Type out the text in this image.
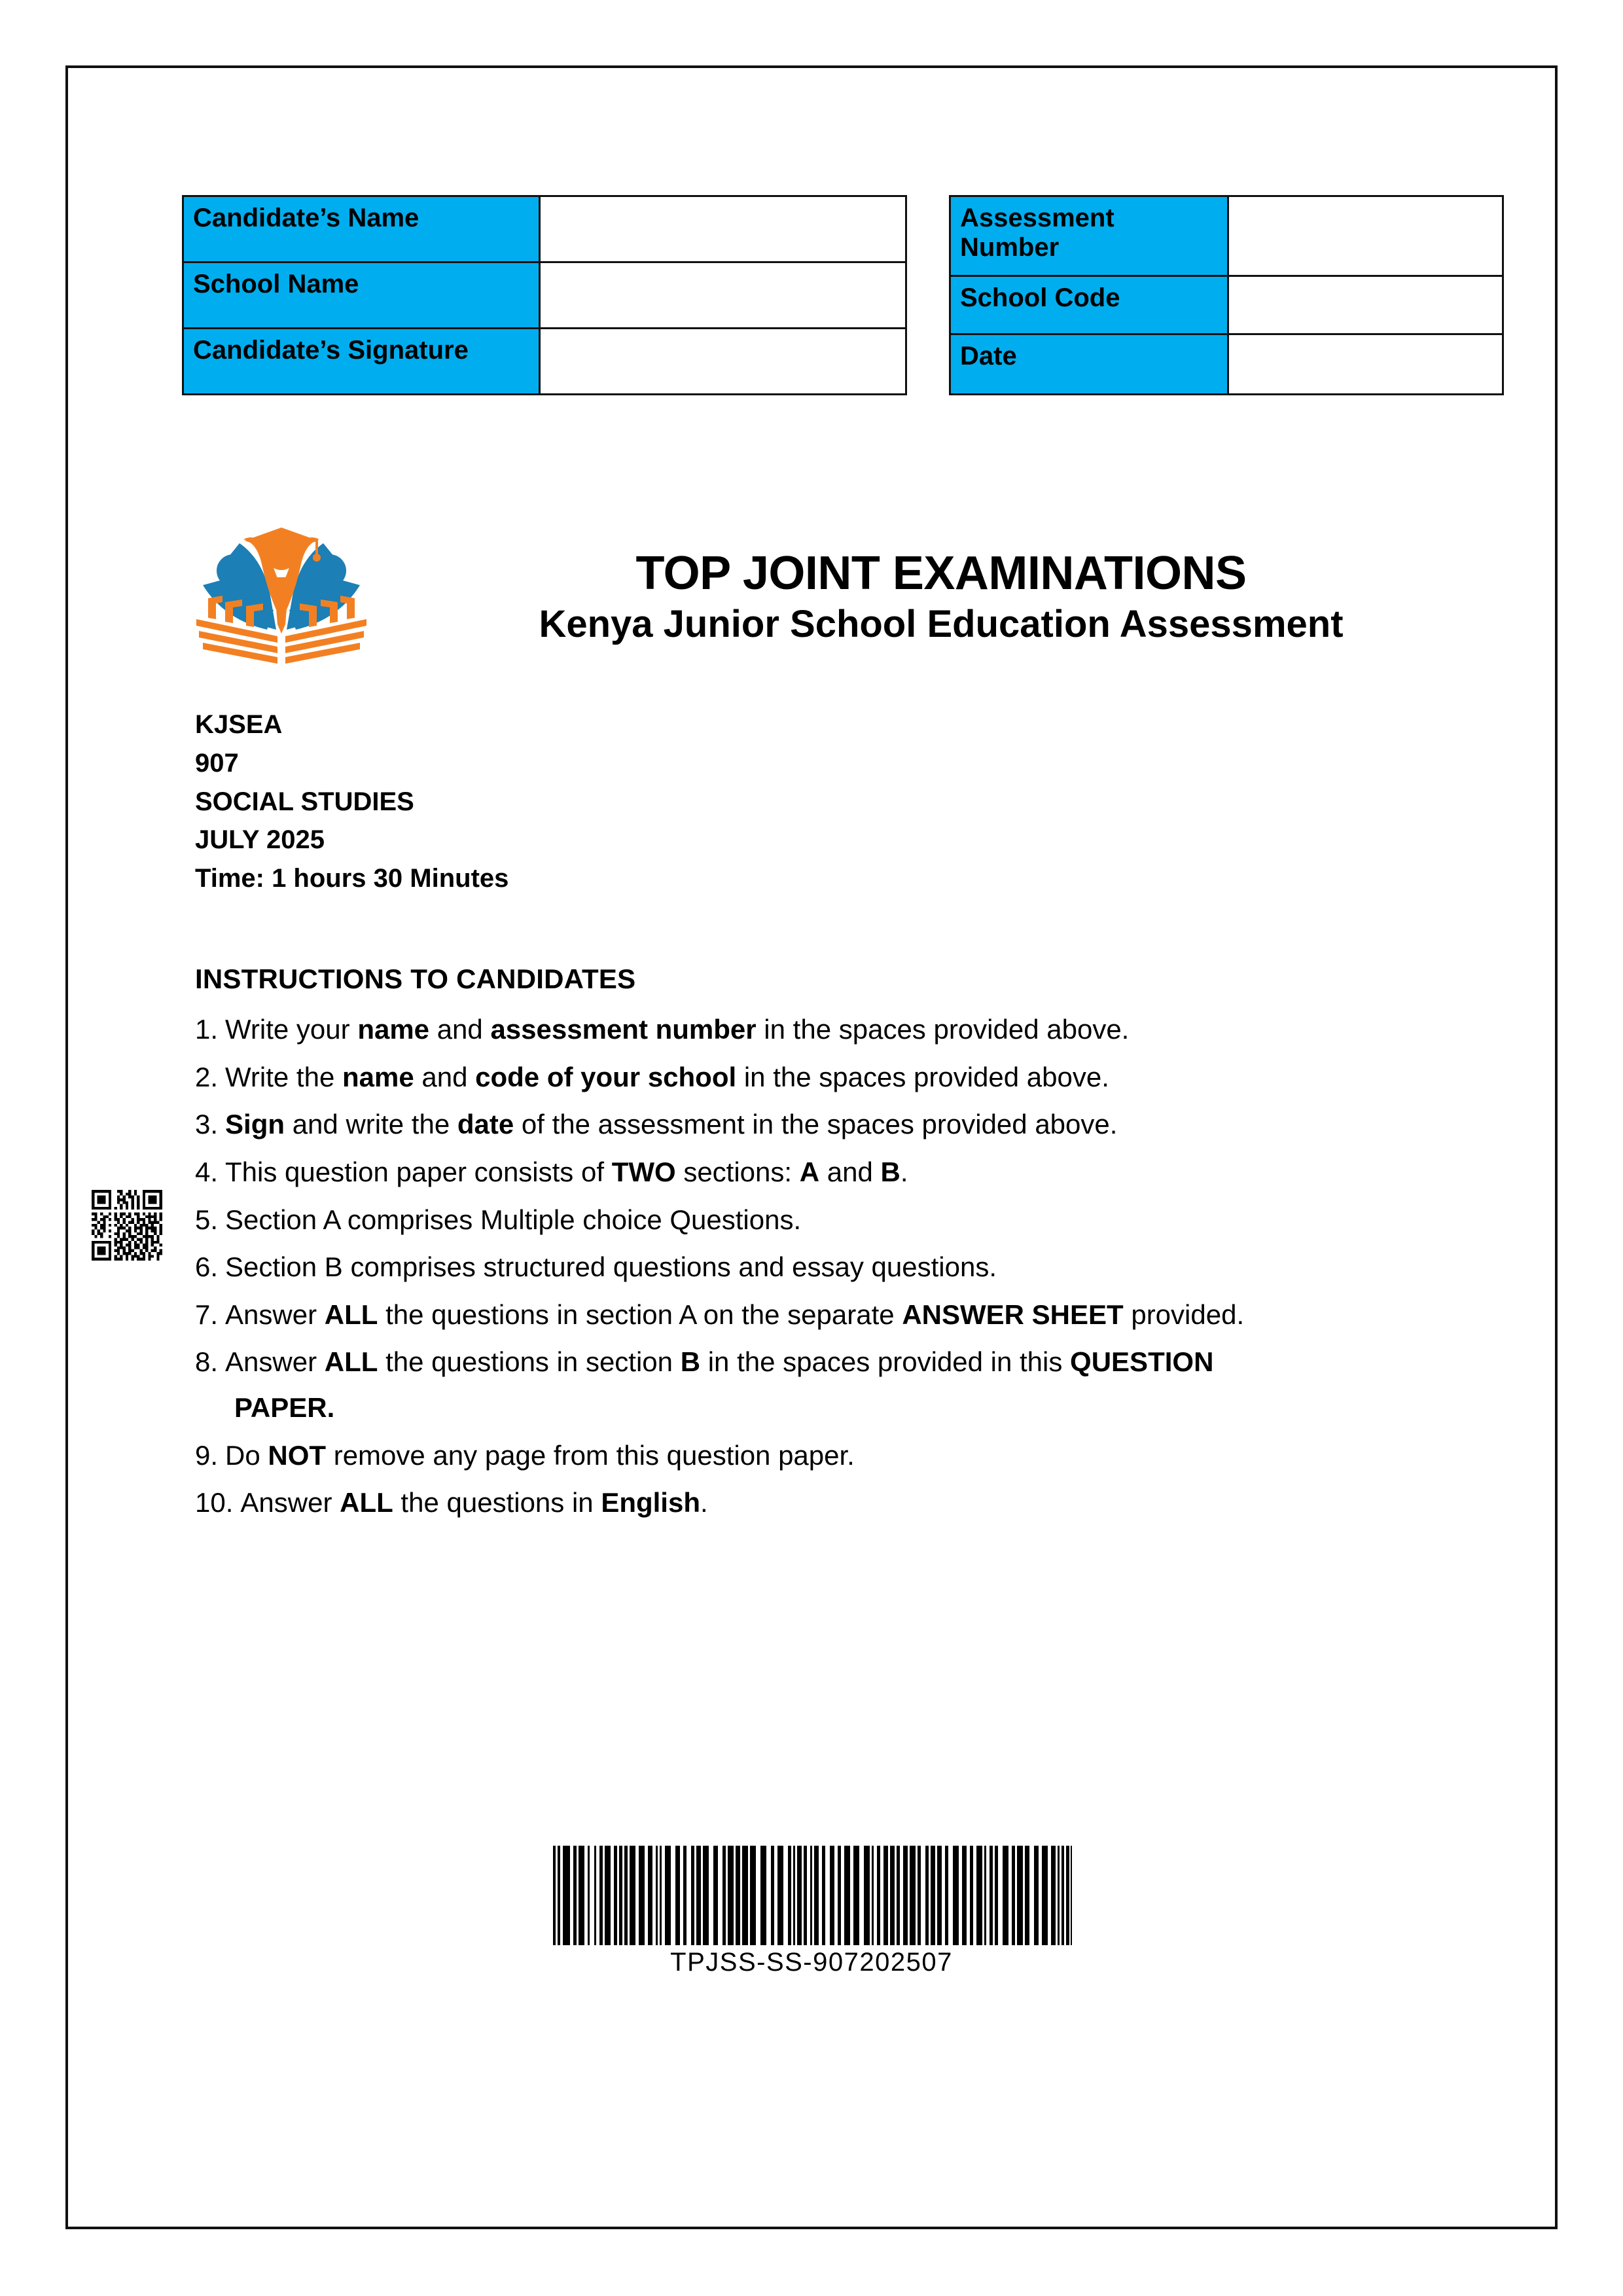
Candidate’s Name	
School Name	
Candidate’s Signature	
Assessment Number	
School Code	
Date	
TOP JOINT EXAMINATIONS
Kenya Junior School Education Assessment
KJSEA
907
SOCIAL STUDIES
JULY 2025
Time: 1 hours 30 Minutes
INSTRUCTIONS TO CANDIDATES
1. Write your name and assessment number in the spaces provided above.
2. Write the name and code of your school in the spaces provided above.
3. Sign and write the date of the assessment in the spaces provided above.
4. This question paper consists of TWO sections: A and B.
5. Section A comprises Multiple choice Questions.
6. Section B comprises structured questions and essay questions.
7. Answer ALL the questions in section A on the separate ANSWER SHEET provided.
8. Answer ALL the questions in section B in the spaces provided in this QUESTION
PAPER.
9. Do NOT remove any page from this question paper.
10. Answer ALL the questions in English.
TPJSS-SS-907202507
